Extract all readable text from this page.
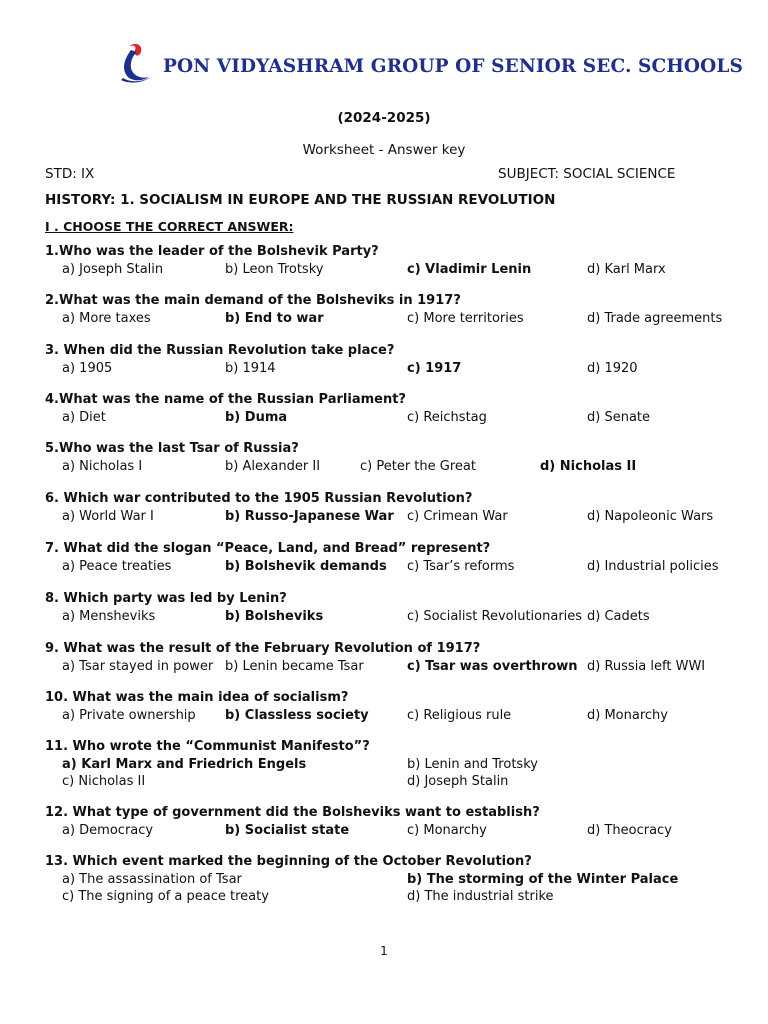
PON VIDYASHRAM GROUP OF SENIOR SEC. SCHOOLS
(2024-2025)
Worksheet - Answer key
STD: IX	SUBJECT: SOCIAL SCIENCE
HISTORY: 1. SOCIALISM IN EUROPE AND THE RUSSIAN REVOLUTION
I . CHOOSE THE CORRECT ANSWER:
1.Who was the leader of the Bolshevik Party?
a) Joseph Stalin	b) Leon Trotsky	c) Vladimir Lenin	d) Karl Marx
2.What was the main demand of the Bolsheviks in 1917?
a) More taxes	b) End to war	c) More territories	d) Trade agreements
3. When did the Russian Revolution take place?
a) 1905	b) 1914	c) 1917	d) 1920
4.What was the name of the Russian Parliament?
a) Diet	b) Duma	c) Reichstag	d) Senate
5.Who was the last Tsar of Russia?
a) Nicholas I	b) Alexander II	c) Peter the Great	d) Nicholas II
6. Which war contributed to the 1905 Russian Revolution?
a) World War I	b) Russo-Japanese War c) Crimean War	d) Napoleonic Wars
7. What did the slogan “Peace, Land, and Bread” represent?
a) Peace treaties	b) Bolshevik demands c) Tsar’s reforms	d) Industrial policies
8. Which party was led by Lenin?
a) Mensheviks	b) Bolsheviks	c) Socialist Revolutionaries d) Cadets
9. What was the result of the February Revolution of 1917?
a) Tsar stayed in power b) Lenin became Tsar	c) Tsar was overthrown d) Russia left WWI
10. What was the main idea of socialism?
a) Private ownership b) Classless society	c) Religious rule	d) Monarchy
11. Who wrote the “Communist Manifesto”?
a) Karl Marx and Friedrich Engels	b) Lenin and Trotsky
c) Nicholas II	d) Joseph Stalin
12. What type of government did the Bolsheviks want to establish?
a) Democracy	b) Socialist state	c) Monarchy	d) Theocracy
13. Which event marked the beginning of the October Revolution?
a) The assassination of Tsar	b) The storming of the Winter Palace
c) The signing of a peace treaty	d) The industrial strike
1
